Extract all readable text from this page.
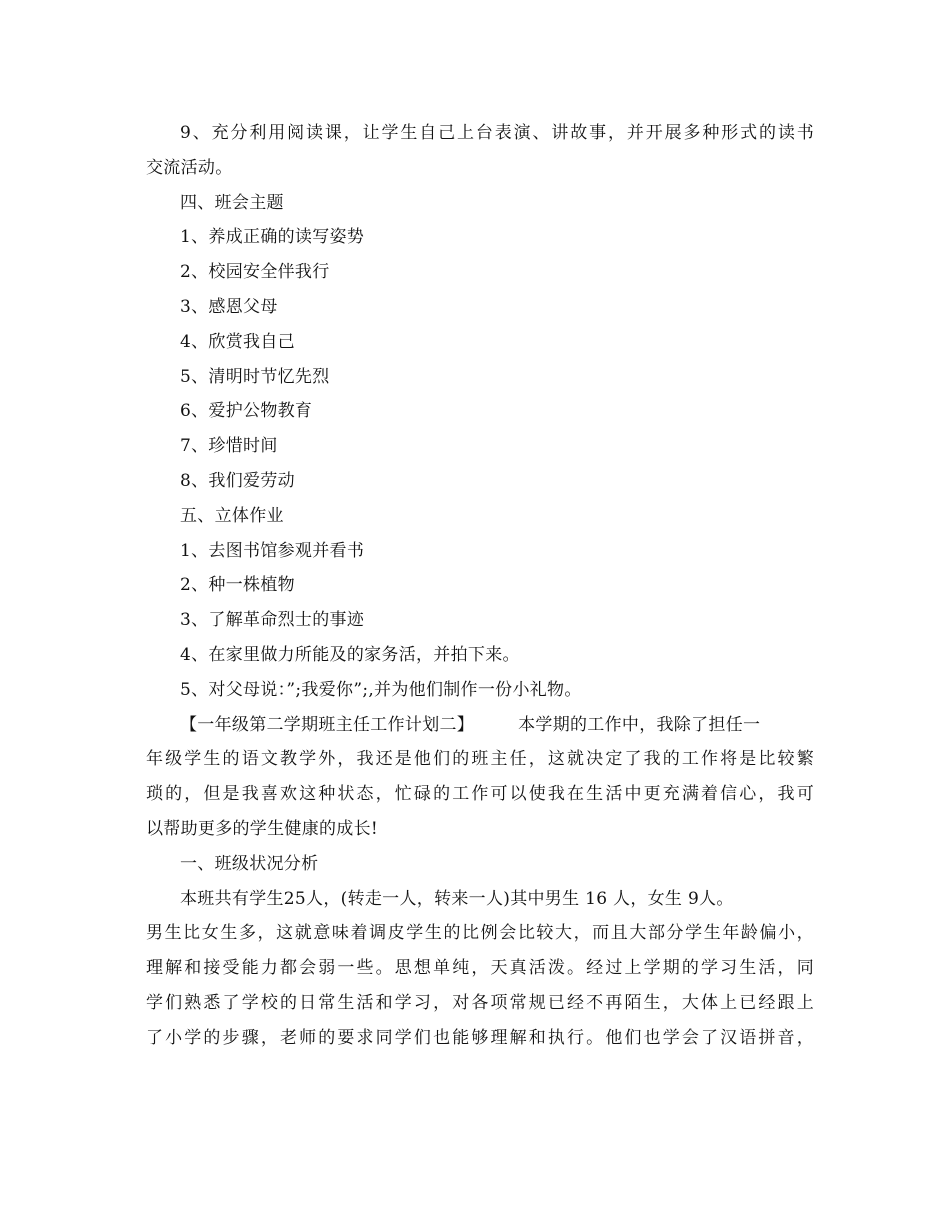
9、充分利用阅读课，让学生自己上台表演、讲故事，并开展多种形式的读书
交流活动。
四、班会主题
1、养成正确的读写姿势
2、校园安全伴我行
3、感恩父母
4、欣赏我自己
5、清明时节忆先烈
6、爱护公物教育
7、珍惜时间
8、我们爱劳动
五、立体作业
1、去图书馆参观并看书
2、种一株植物
3、了解革命烈士的事迹
4、在家里做力所能及的家务活，并拍下来。
5、对父母说：”;我爱你”;,并为他们制作一份小礼物。
【一年级第二学期班主任工作计划二】	本学期的工作中，我除了担任一
年级学生的语文教学外，我还是他们的班主任，这就决定了我的工作将是比较繁
琐的，但是我喜欢这种状态，忙碌的工作可以使我在生活中更充满着信心，我可
以帮助更多的学生健康的成长!
一、班级状况分析
本班共有学生25人，(转走一人，转来一人)其中男生 16 人，女生 9人。
男生比女生多，这就意味着调皮学生的比例会比较大，而且大部分学生年龄偏小，
理解和接受能力都会弱一些。思想单纯，天真活泼。经过上学期的学习生活，同
学们熟悉了学校的日常生活和学习，对各项常规已经不再陌生，大体上已经跟上
了小学的步骤，老师的要求同学们也能够理解和执行。他们也学会了汉语拼音，
